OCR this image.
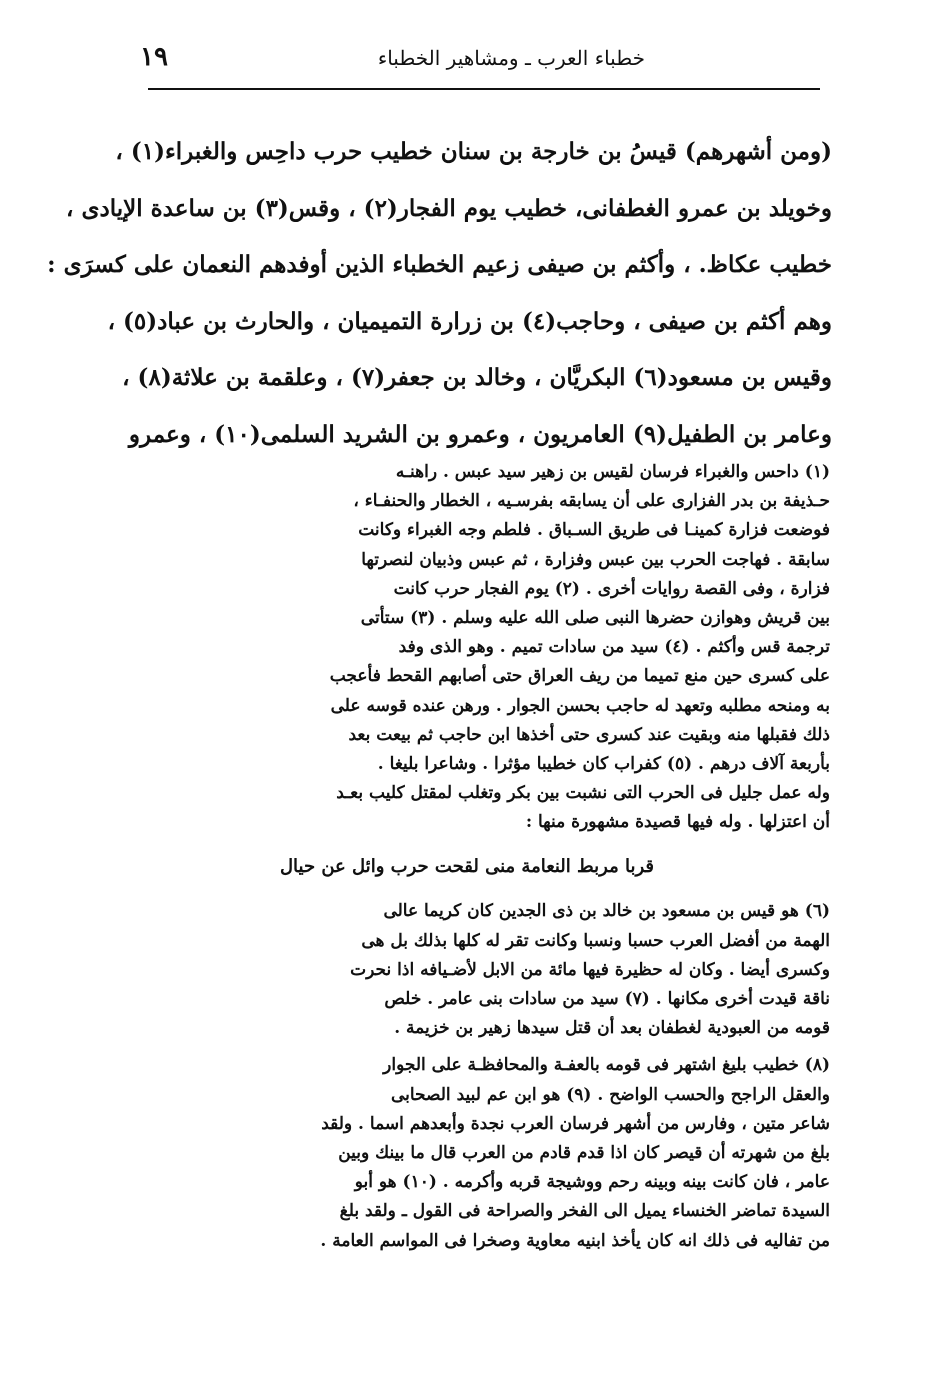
خطباء العرب ـ ومشاهير الخطباء
١٩
(ومن أشهرهم) قيسُ بن خارجة بن سنان خطيب حرب داحِس والغبراء(١) ،
وخويلد بن عمرو الغطفانى، خطيب يوم الفجار(٢) ، وقس(٣) بن ساعدة الإيادى ،
خطيب عكاظ. ، وأكثم بن صيفى زعيم الخطباء الذين أوفدهم النعمان على كسرَى :
وهم أكثم بن صيفى ، وحاجب(٤) بن زرارة التميميان ، والحارث بن عباد(٥) ،
وقيس بن مسعود(٦) البكريَّان ، وخالد بن جعفر(٧) ، وعلقمة بن علاثة(٨) ،
وعامر بن الطفيل(٩) العامريون ، وعمرو بن الشريد السلمى(١٠) ، وعمرو
(١) داحس والغبراء فرسان لقيس بن زهير سيد عبس . راهنـه
حـذيفة بن بدر الفزارى على أن يسابقه بفرسـيه ، الخطار والحنفـاء ،
فوضعت فزارة كمينـا فى طريق السـباق . فلطم وجه الغبراء وكانت
سابقة . فهاجت الحرب بين عبس وفزارة ، ثم عبس وذبيان لنصرتها
فزارة ، وفى القصة روايات أخرى . (٢) يوم الفجار حرب كانت
بين قريش وهوازن حضرها النبى صلى الله عليه وسلم . (٣) ستأتى
ترجمة قس وأكثم . (٤) سيد من سادات تميم . وهو الذى وفد
على كسرى حين منع تميما من ريف العراق حتى أصابهم القحط فأعجب
به ومنحه مطلبه وتعهد له حاجب بحسن الجوار . ورهن عنده قوسه على
ذلك فقبلها منه وبقيت عند كسرى حتى أخذها ابن حاجب ثم بيعت بعد
بأربعة آلاف درهم . (٥) كفراب كان خطيبا مؤثرا . وشاعرا بليغا .
وله عمل جليل فى الحرب التى نشبت بين بكر وتغلب لمقتل كليب بعـد
أن اعتزلها . وله فيها قصيدة مشهورة منها :
قربا مربط النعامة منى لقحت حرب وائل عن حيال
(٦) هو قيس بن مسعود بن خالد بن ذى الجدين كان كريما عالى
الهمة من أفضل العرب حسبا ونسبا وكانت تقر له كلها بذلك بل هى
وكسرى أيضا . وكان له حظيرة فيها مائة من الابل لأضـيافه اذا نحرت
ناقة قيدت أخرى مكانها . (٧) سيد من سادات بنى عامر . خلص
قومه من العبودية لغطفان بعد أن قتل سيدها زهير بن خزيمة .
(٨) خطيب بليغ اشتهر فى قومه بالعفـة والمحافظـة على الجوار
والعقل الراجح والحسب الواضح . (٩) هو ابن عم لبيد الصحابى
شاعر متين ، وفارس من أشهر فرسان العرب نجدة وأبعدهم اسما . ولقد
بلغ من شهرته أن قيصر كان اذا قدم قادم من العرب قال ما بينك وبين
عامر ، فان كانت بينه وبينه رحم ووشيجة قربه وأكرمه . (١٠) هو أبو
السيدة تماضر الخنساء يميل الى الفخر والصراحة فى القول ـ ولقد بلغ
من تفاليه فى ذلك انه كان يأخذ ابنيه معاوية وصخرا فى المواسم العامة .
